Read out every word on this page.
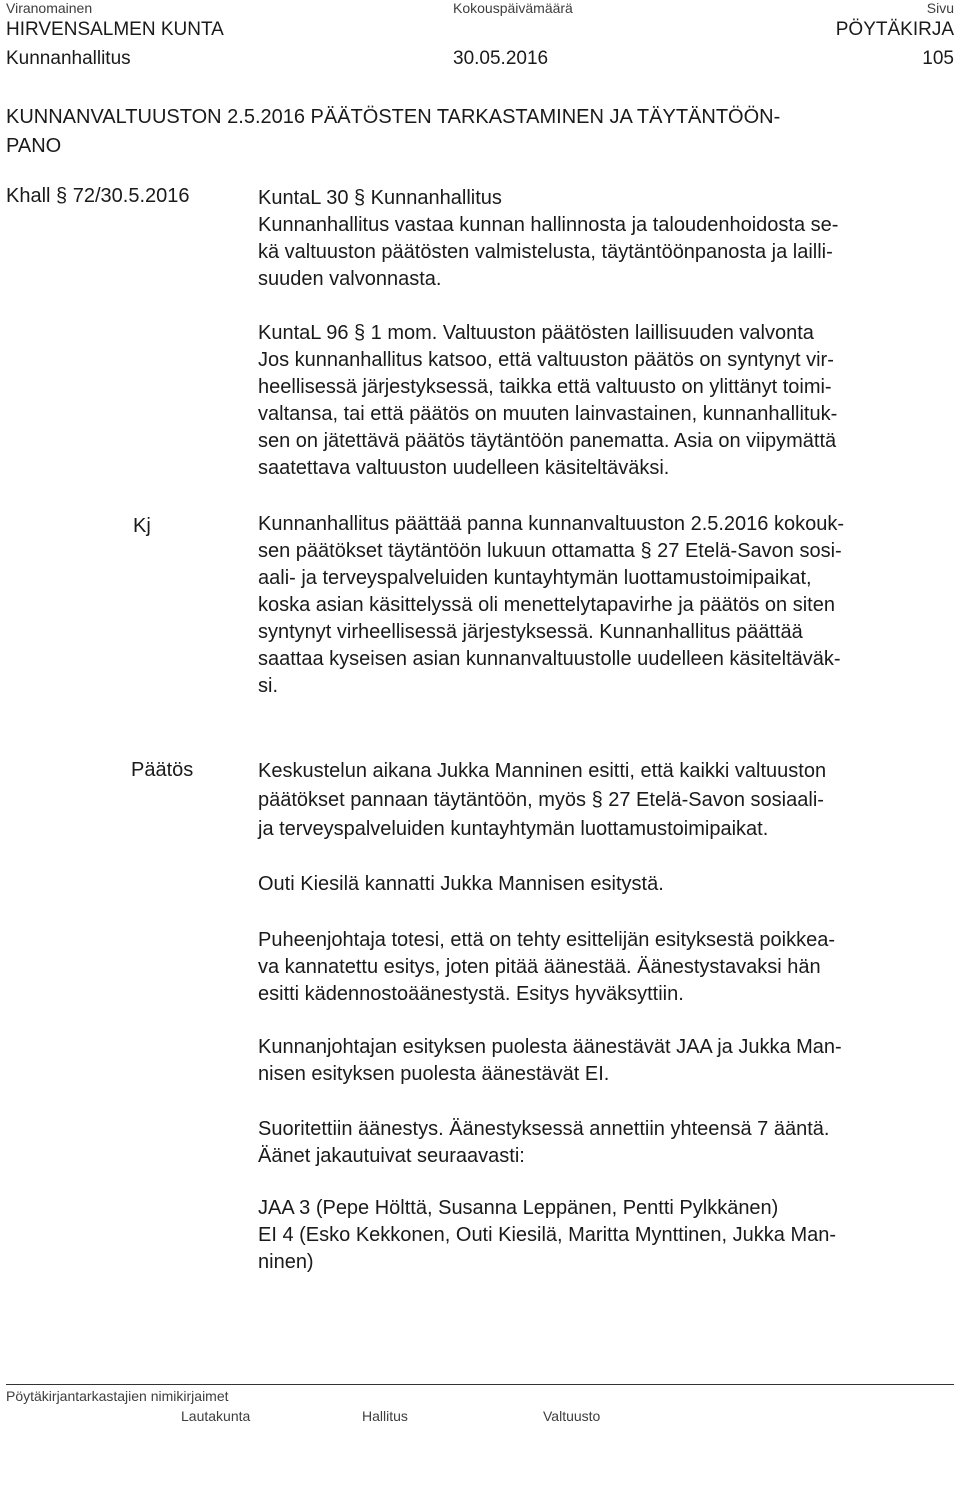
Viranomainen	Kokouspäivämäärä	Sivu
HIRVENSALMEN KUNTA	PÖYTÄKIRJA
Kunnanhallitus	30.05.2016	105
KUNNANVALTUUSTON 2.5.2016 PÄÄTÖSTEN TARKASTAMINEN JA TÄYTÄNTÖÖN-
PANO
Khall § 72/30.5.2016	KuntaL 30 § Kunnanhallitus
Kunnanhallitus vastaa kunnan hallinnosta ja taloudenhoidosta se-
kä valtuuston päätösten valmistelusta, täytäntöönpanosta ja lailli-
suuden valvonnasta.
KuntaL 96 § 1 mom. Valtuuston päätösten laillisuuden valvonta
Jos kunnanhallitus katsoo, että valtuuston päätös on syntynyt vir-
heellisessä järjestyksessä, taikka että valtuusto on ylittänyt toimi-
valtansa, tai että päätös on muuten lainvastainen, kunnanhallituk-
sen on jätettävä päätös täytäntöön panematta. Asia on viipymättä
saatettava valtuuston uudelleen käsiteltäväksi.
Kj	Kunnanhallitus päättää panna kunnanvaltuuston 2.5.2016 kokouk-
sen päätökset täytäntöön lukuun ottamatta § 27 Etelä-Savon sosi-
aali- ja terveyspalveluiden kuntayhtymän luottamustoimipaikat,
koska asian käsittelyssä oli menettelytapavirhe ja päätös on siten
syntynyt virheellisessä järjestyksessä. Kunnanhallitus päättää
saattaa kyseisen asian kunnanvaltuustolle uudelleen käsiteltäväk-
si.
Päätös	Keskustelun aikana Jukka Manninen esitti, että kaikki valtuuston
päätökset pannaan täytäntöön, myös § 27 Etelä-Savon sosiaali-
ja terveyspalveluiden kuntayhtymän luottamustoimipaikat.
Outi Kiesilä kannatti Jukka Mannisen esitystä.
Puheenjohtaja totesi, että on tehty esittelijän esityksestä poikkea-
va kannatettu esitys, joten pitää äänestää. Äänestystavaksi hän
esitti kädennostoäänestystä. Esitys hyväksyttiin.
Kunnanjohtajan esityksen puolesta äänestävät JAA ja Jukka Man-
nisen esityksen puolesta äänestävät EI.
Suoritettiin äänestys. Äänestyksessä annettiin yhteensä 7 ääntä.
Äänet jakautuivat seuraavasti:
JAA 3 (Pepe Hölttä, Susanna Leppänen, Pentti Pylkkänen)
EI 4 (Esko Kekkonen, Outi Kiesilä, Maritta Mynttinen, Jukka Man-
ninen)
Pöytäkirjantarkastajien nimikirjaimet
Lautakunta	Hallitus	Valtuusto
